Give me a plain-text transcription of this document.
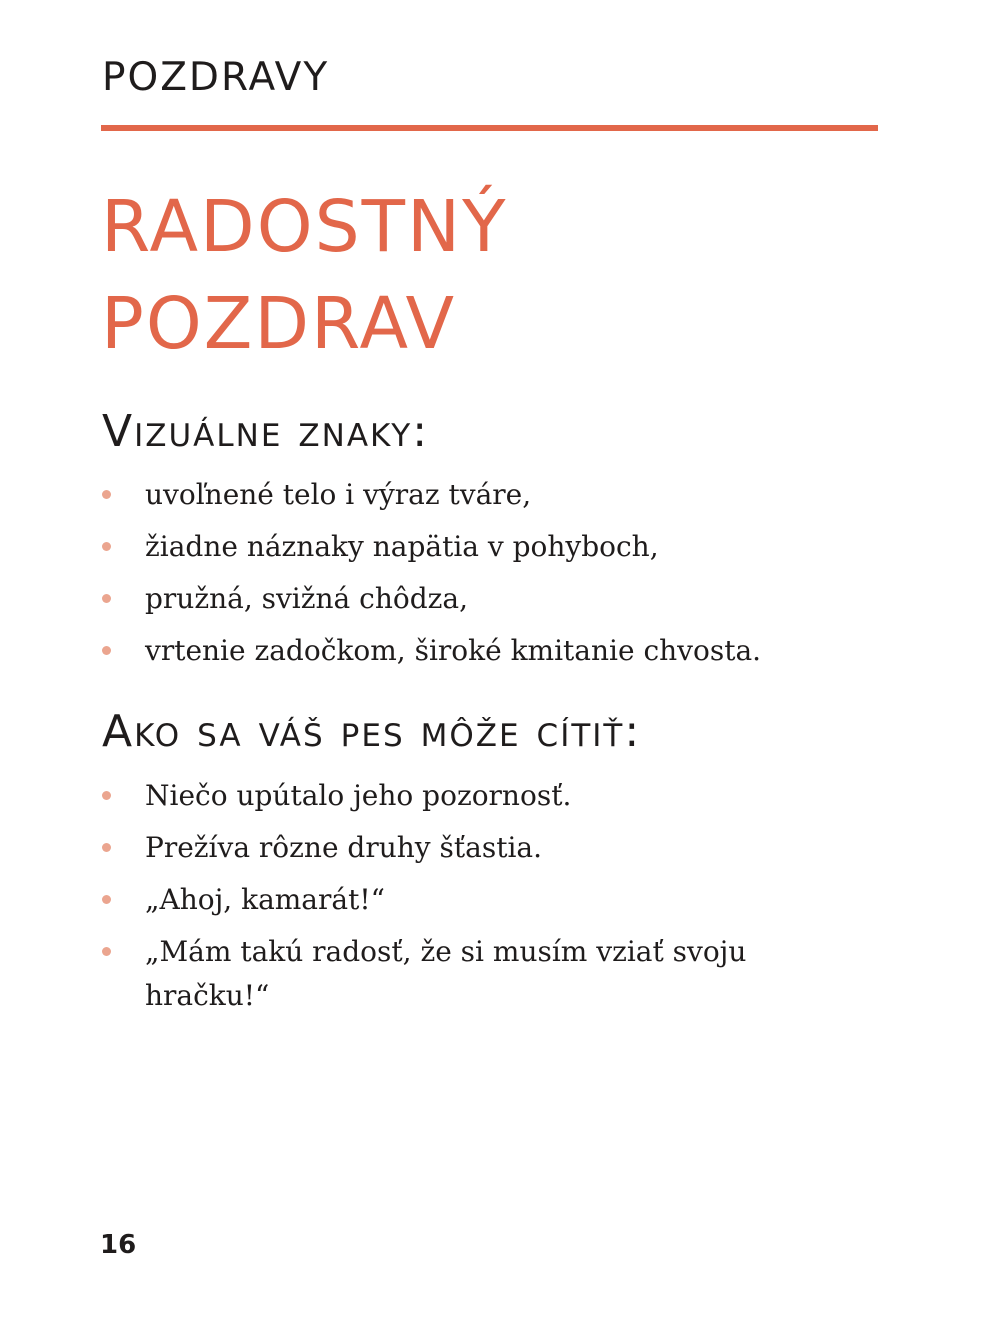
POZDRAVY
RADOSTNÝ
POZDRAV
Vizuálne znaky:
uvoľnené telo i výraz tváre,
žiadne náznaky napätia v pohyboch,
pružná, svižná chôdza,
vrtenie zadočkom, široké kmitanie chvosta.
Ako sa váš pes môže cítiť:
Niečo upútalo jeho pozornosť.
Prežíva rôzne druhy šťastia.
„Ahoj, kamarát!“
„Mám takú radosť, že si musím vziať svoju hračku!“
16
